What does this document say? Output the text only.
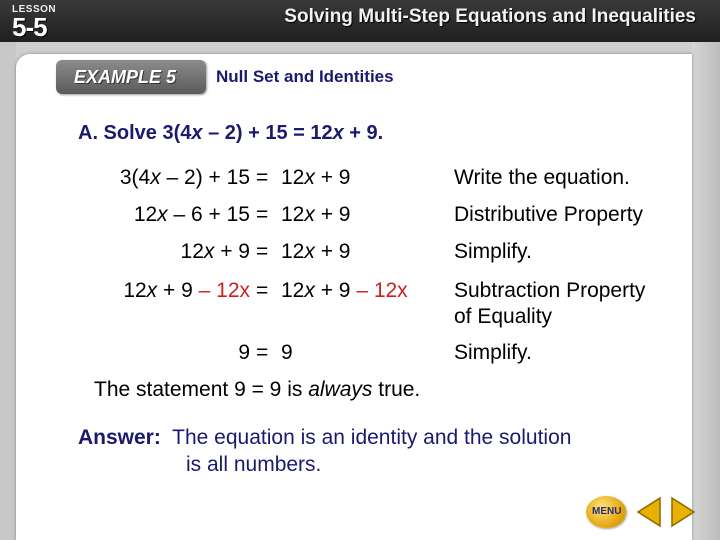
LESSON
5-5	Solving Multi-Step Equations and Inequalities
EXAMPLE 5 Null Set and Identities
A. Solve 3(4x – 2) + 15 = 12x + 9.
3(4x – 2) + 15 = 12x + 9	Write the equation.
12x – 6 + 15 = 12x + 9	Distributive Property
12x + 9 = 12x + 9	Simplify.
12x + 9 – 12x = 12x + 9 – 12x Subtraction Property
of Equality
9 = 9	Simplify.
The statement 9 = 9 is always true.
Answer: The equation is an identity and the solution
is all numbers.
MENU
